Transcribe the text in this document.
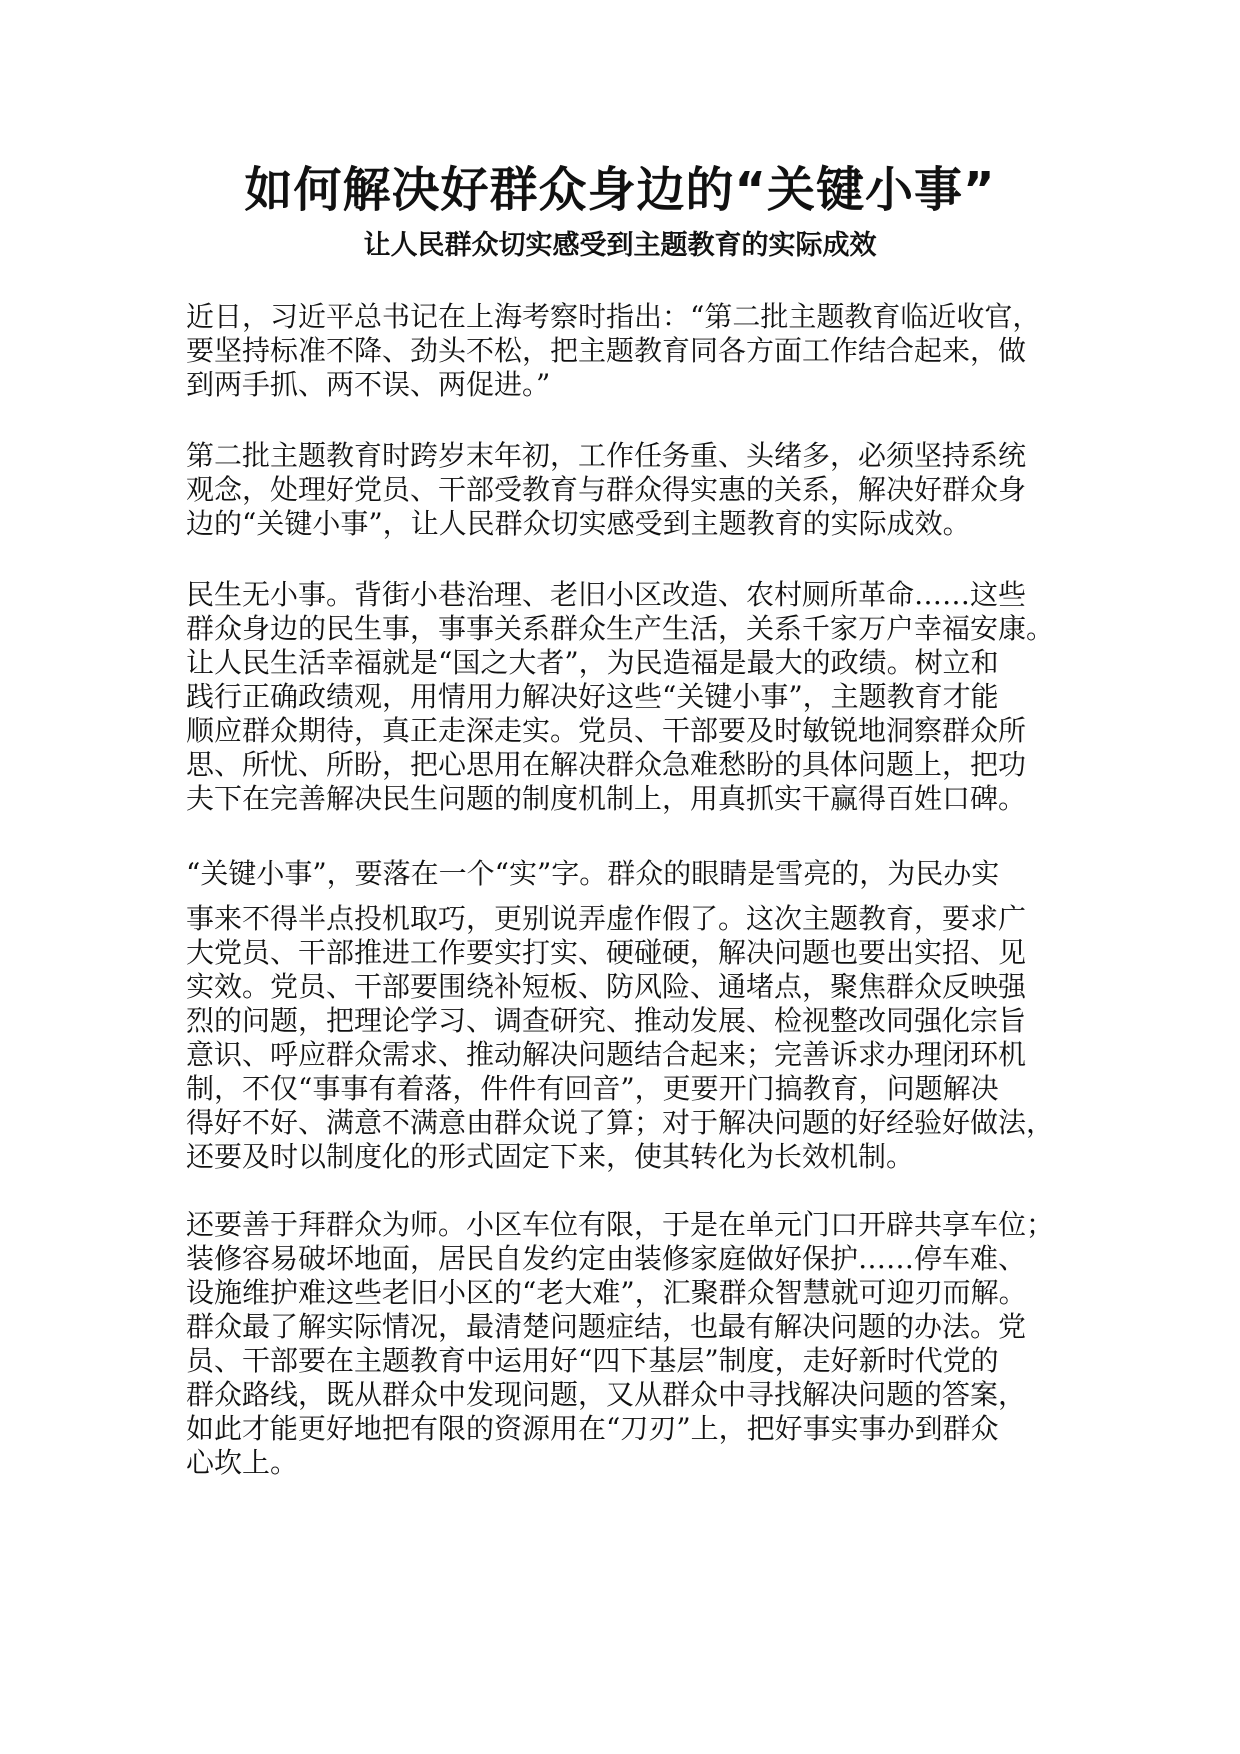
如何解决好群众身边的“关键小事”
让人民群众切实感受到主题教育的实际成效
近日，习近平总书记在上海考察时指出：“第二批主题教育临近收官，
要坚持标准不降、劲头不松，把主题教育同各方面工作结合起来，做
到两手抓、两不误、两促进。”
第二批主题教育时跨岁末年初，工作任务重、头绪多，必须坚持系统
观念，处理好党员、干部受教育与群众得实惠的关系，解决好群众身
边的“关键小事”，让人民群众切实感受到主题教育的实际成效。
民生无小事。背街小巷治理、老旧小区改造、农村厕所革命……这些
群众身边的民生事，事事关系群众生产生活，关系千家万户幸福安康。
让人民生活幸福就是“国之大者”，为民造福是最大的政绩。树立和
践行正确政绩观，用情用力解决好这些“关键小事”，主题教育才能
顺应群众期待，真正走深走实。党员、干部要及时敏锐地洞察群众所
思、所忧、所盼，把心思用在解决群众急难愁盼的具体问题上，把功
夫下在完善解决民生问题的制度机制上，用真抓实干赢得百姓口碑。
“关键小事”，要落在一个“实”字。群众的眼睛是雪亮的，为民办实
事来不得半点投机取巧，更别说弄虚作假了。这次主题教育，要求广
大党员、干部推进工作要实打实、硬碰硬，解决问题也要出实招、见
实效。党员、干部要围绕补短板、防风险、通堵点，聚焦群众反映强
烈的问题，把理论学习、调查研究、推动发展、检视整改同强化宗旨
意识、呼应群众需求、推动解决问题结合起来；完善诉求办理闭环机
制，不仅“事事有着落，件件有回音”，更要开门搞教育，问题解决
得好不好、满意不满意由群众说了算；对于解决问题的好经验好做法，
还要及时以制度化的形式固定下来，使其转化为长效机制。
还要善于拜群众为师。小区车位有限，于是在单元门口开辟共享车位；
装修容易破坏地面，居民自发约定由装修家庭做好保护……停车难、
设施维护难这些老旧小区的“老大难”，汇聚群众智慧就可迎刃而解。
群众最了解实际情况，最清楚问题症结，也最有解决问题的办法。党
员、干部要在主题教育中运用好“四下基层”制度，走好新时代党的
群众路线，既从群众中发现问题，又从群众中寻找解决问题的答案，
如此才能更好地把有限的资源用在“刀刃”上，把好事实事办到群众
心坎上。
